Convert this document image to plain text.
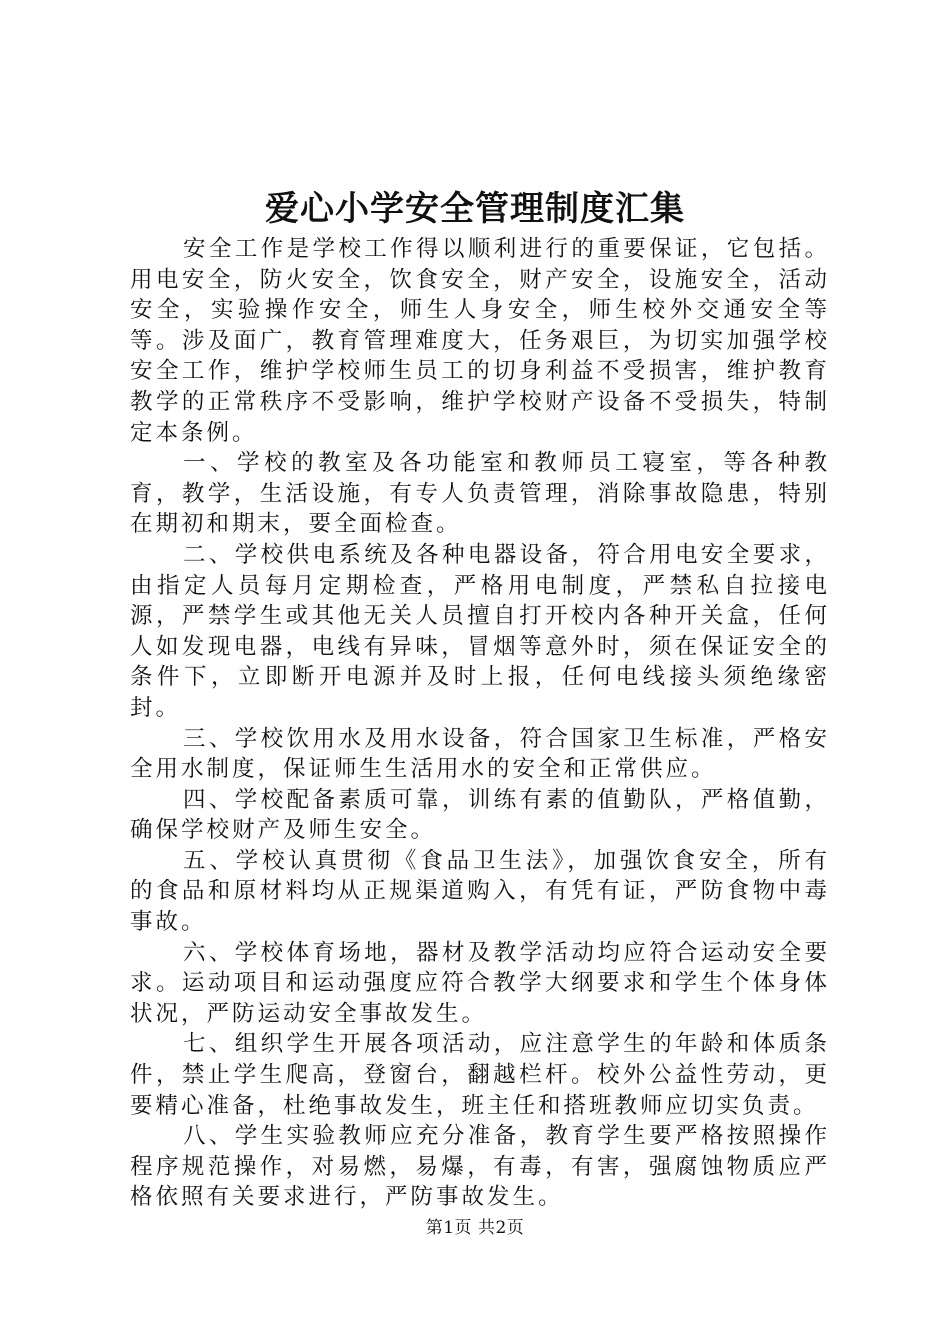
爱心小学安全管理制度汇集

安全工作是学校工作得以顺利进行的重要保证，它包括。用电安全，防火安全，饮食安全，财产安全，设施安全，活动安全，实验操作安全，师生人身安全，师生校外交通安全等等。涉及面广，教育管理难度大，任务艰巨，为切实加强学校安全工作，维护学校师生员工的切身利益不受损害，维护教育教学的正常秩序不受影响，维护学校财产设备不受损失，特制定本条例。

一、学校的教室及各功能室和教师员工寝室，等各种教育，教学，生活设施，有专人负责管理，消除事故隐患，特别在期初和期末，要全面检查。

二、学校供电系统及各种电器设备，符合用电安全要求，由指定人员每月定期检查，严格用电制度，严禁私自拉接电源，严禁学生或其他无关人员擅自打开校内各种开关盒，任何人如发现电器，电线有异味，冒烟等意外时，须在保证安全的条件下，立即断开电源并及时上报，任何电线接头须绝缘密封。

三、学校饮用水及用水设备，符合国家卫生标准，严格安全用水制度，保证师生生活用水的安全和正常供应。

四、学校配备素质可靠，训练有素的值勤队，严格值勤，确保学校财产及师生安全。

五、学校认真贯彻《食品卫生法》，加强饮食安全，所有的食品和原材料均从正规渠道购入，有凭有证，严防食物中毒事故。

六、学校体育场地，器材及教学活动均应符合运动安全要求。运动项目和运动强度应符合教学大纲要求和学生个体身体状况，严防运动安全事故发生。

七、组织学生开展各项活动，应注意学生的年龄和体质条件，禁止学生爬高，登窗台，翻越栏杆。校外公益性劳动，更要精心准备，杜绝事故发生，班主任和搭班教师应切实负责。

八、学生实验教师应充分准备，教育学生要严格按照操作程序规范操作，对易燃，易爆，有毒，有害，强腐蚀物质应严格依照有关要求进行，严防事故发生。

第1页 共2页
